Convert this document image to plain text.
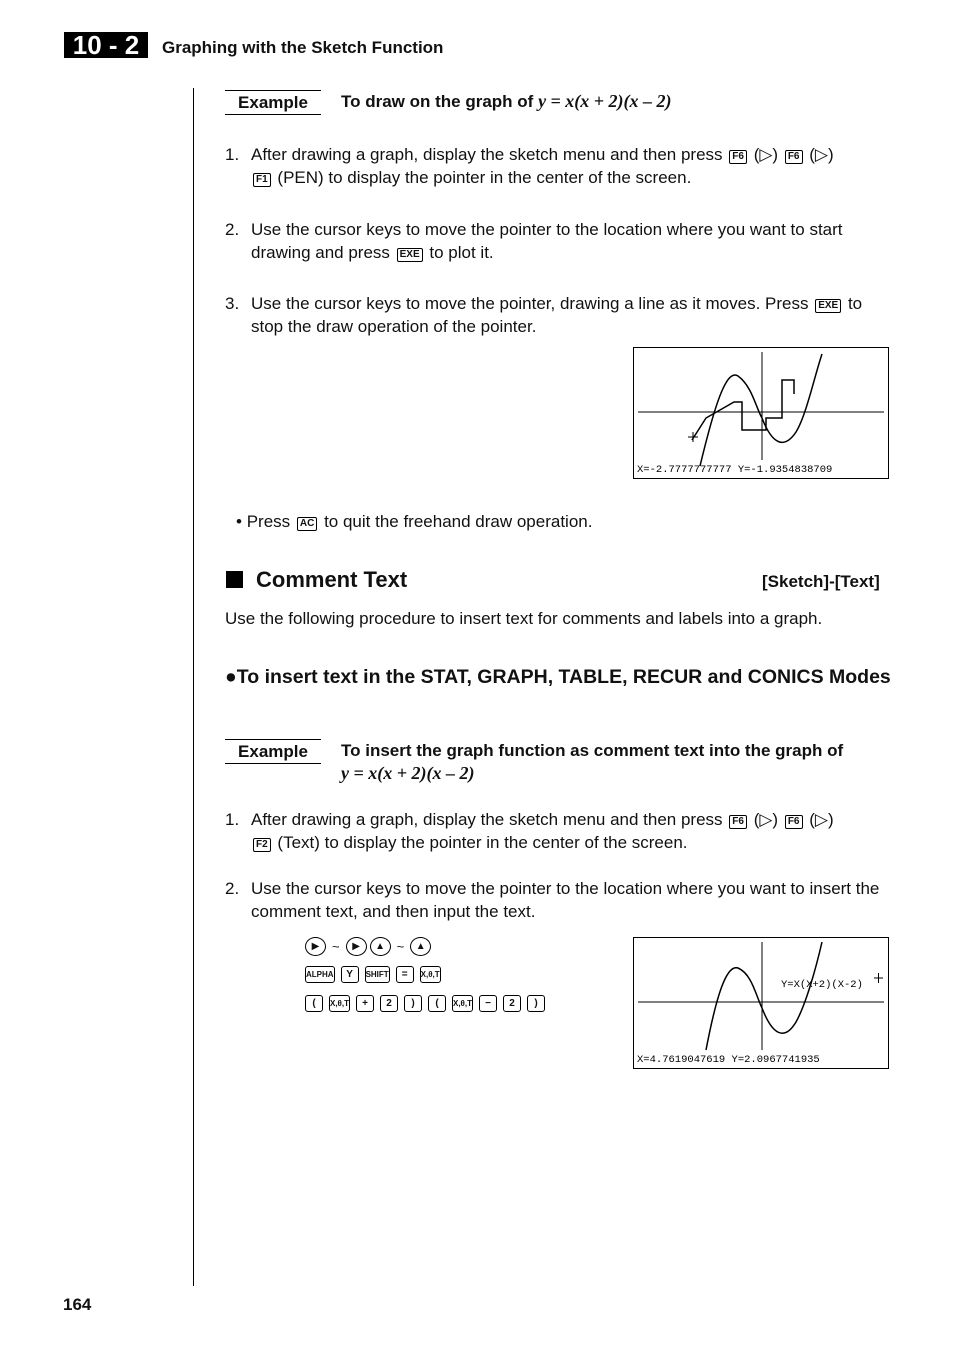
10 - 2	Graphing with the Sketch Function
Example	To draw on the graph of y = x(x + 2)(x – 2)
1. After drawing a graph, display the sketch menu and then press F6 (▷) F6 (▷)
F1 (PEN) to display the pointer in the center of the screen.
2. Use the cursor keys to move the pointer to the location where you want to start drawing and press EXE to plot it.
3. Use the cursor keys to move the pointer, drawing a line as it moves. Press EXE to stop the draw operation of the pointer.
X=-2.7777777777 Y=-1.9354838709
• Press AC to quit the freehand draw operation.
Comment Text	[Sketch]-[Text]
Use the following procedure to insert text for comments and labels into a graph.
●To insert text in the STAT, GRAPH, TABLE, RECUR and CONICS Modes
Example	To insert the graph function as comment text into the graph of
y = x(x + 2)(x – 2)
1. After drawing a graph, display the sketch menu and then press F6 (▷) F6 (▷)
F2 (Text) to display the pointer in the center of the screen.
2. Use the cursor keys to move the pointer to the location where you want to insert the comment text, and then input the text.
▶ ~ ▶ ▲ ~ ▲
ALPHA Y SHIFT = X,θ,T
( X,θ,T + 2 ) ( X,θ,T − 2 )
Y=X(X+2)(X-2)
X=4.7619047619 Y=2.0967741935
164
